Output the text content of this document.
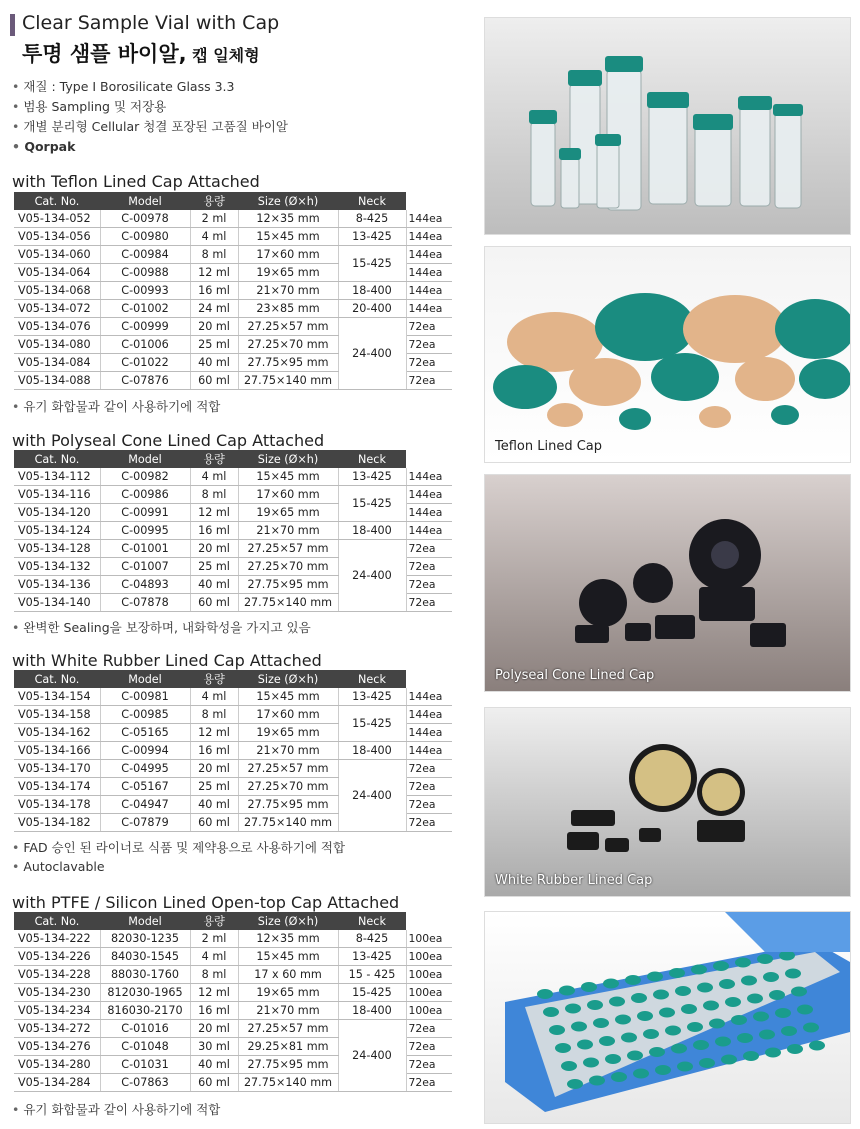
Clear Sample Vial with Cap
투명 샘플 바이알, 캡 일체형
• 재질 : Type I Borosilicate Glass 3.3
• 범용 Sampling 및 저장용
• 개별 분리형 Cellular 청결 포장된 고품질 바이알
• Qorpak
with Teflon Lined Cap Attached
Cat. No.	Model	용량	Size (Ø×h)	Neck	
V05-134-052	C-00978	2 ml	12×35 mm	8-425	144ea
V05-134-056	C-00980	4 ml	15×45 mm	13-425	144ea
V05-134-060	C-00984	8 ml	17×60 mm	15-425	144ea
V05-134-064	C-00988	12 ml	19×65 mm		144ea
V05-134-068	C-00993	16 ml	21×70 mm	18-400	144ea
V05-134-072	C-01002	24 ml	23×85 mm	20-400	144ea
V05-134-076	C-00999	20 ml	27.25×57 mm	24-400	72ea
V05-134-080	C-01006	25 ml	27.25×70 mm		72ea
V05-134-084	C-01022	40 ml	27.75×95 mm		72ea
V05-134-088	C-07876	60 ml	27.75×140 mm		72ea
• 유기 화합물과 같이 사용하기에 적합
with Polyseal Cone Lined Cap Attached
Cat. No.	Model	용량	Size (Ø×h)	Neck	
V05-134-112	C-00982	4 ml	15×45 mm	13-425	144ea
V05-134-116	C-00986	8 ml	17×60 mm	15-425	144ea
V05-134-120	C-00991	12 ml	19×65 mm		144ea
V05-134-124	C-00995	16 ml	21×70 mm	18-400	144ea
V05-134-128	C-01001	20 ml	27.25×57 mm	24-400	72ea
V05-134-132	C-01007	25 ml	27.25×70 mm		72ea
V05-134-136	C-04893	40 ml	27.75×95 mm		72ea
V05-134-140	C-07878	60 ml	27.75×140 mm		72ea
• 완벽한 Sealing을 보장하며, 내화학성을 가지고 있음
with White Rubber Lined Cap Attached
Cat. No.	Model	용량	Size (Ø×h)	Neck	
V05-134-154	C-00981	4 ml	15×45 mm	13-425	144ea
V05-134-158	C-00985	8 ml	17×60 mm	15-425	144ea
V05-134-162	C-05165	12 ml	19×65 mm		144ea
V05-134-166	C-00994	16 ml	21×70 mm	18-400	144ea
V05-134-170	C-04995	20 ml	27.25×57 mm	24-400	72ea
V05-134-174	C-05167	25 ml	27.25×70 mm		72ea
V05-134-178	C-04947	40 ml	27.75×95 mm		72ea
V05-134-182	C-07879	60 ml	27.75×140 mm		72ea
• FAD 승인 된 라이너로 식품 및 제약용으로 사용하기에 적합
• Autoclavable
with PTFE / Silicon Lined Open-top Cap Attached
Cat. No.	Model	용량	Size (Ø×h)	Neck	
V05-134-222	82030-1235	2 ml	12×35 mm	8-425	100ea
V05-134-226	84030-1545	4 ml	15×45 mm	13-425	100ea
V05-134-228	88030-1760	8 ml	17 x 60 mm	15 - 425	100ea
V05-134-230	812030-1965	12 ml	19×65 mm	15-425	100ea
V05-134-234	816030-2170	16 ml	21×70 mm	18-400	100ea
V05-134-272	C-01016	20 ml	27.25×57 mm	24-400	72ea
V05-134-276	C-01048	30 ml	29.25×81 mm		72ea
V05-134-280	C-01031	40 ml	27.75×95 mm		72ea
V05-134-284	C-07863	60 ml	27.75×140 mm		72ea
• 유기 화합물과 같이 사용하기에 적합
Teflon Lined Cap
Polyseal Cone Lined Cap
White Rubber Lined Cap
